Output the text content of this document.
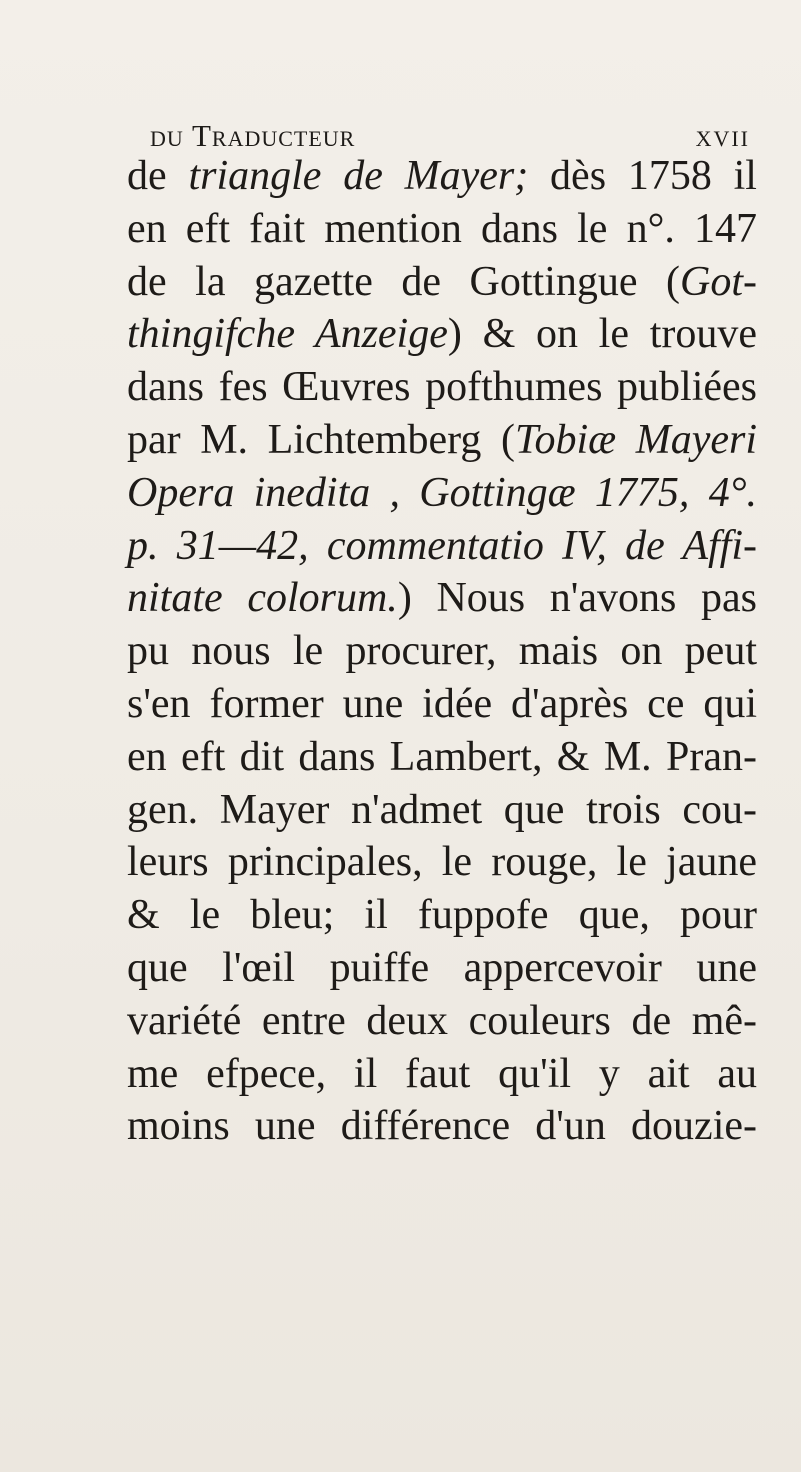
du Traducteur	xvii
de triangle de Mayer; dès 1758 il
en eft fait mention dans le n°. 147
de la gazette de Gottingue (Got-
thingifche Anzeige) & on le trouve
dans fes Œuvres pofthumes publiées
par M. Lichtemberg (Tobiæ Mayeri
Opera inedita , Gottingæ 1775, 4°.
p. 31—42, commentatio IV, de Affi-
nitate colorum.) Nous n'avons pas
pu nous le procurer, mais on peut
s'en former une idée d'après ce qui
en eft dit dans Lambert, & M. Pran-
gen. Mayer n'admet que trois cou-
leurs principales, le rouge, le jaune
& le bleu; il fuppofe que, pour
que l'œil puiffe appercevoir une
variété entre deux couleurs de mê-
me efpece, il faut qu'il y ait au
moins une différence d'un douzie-
